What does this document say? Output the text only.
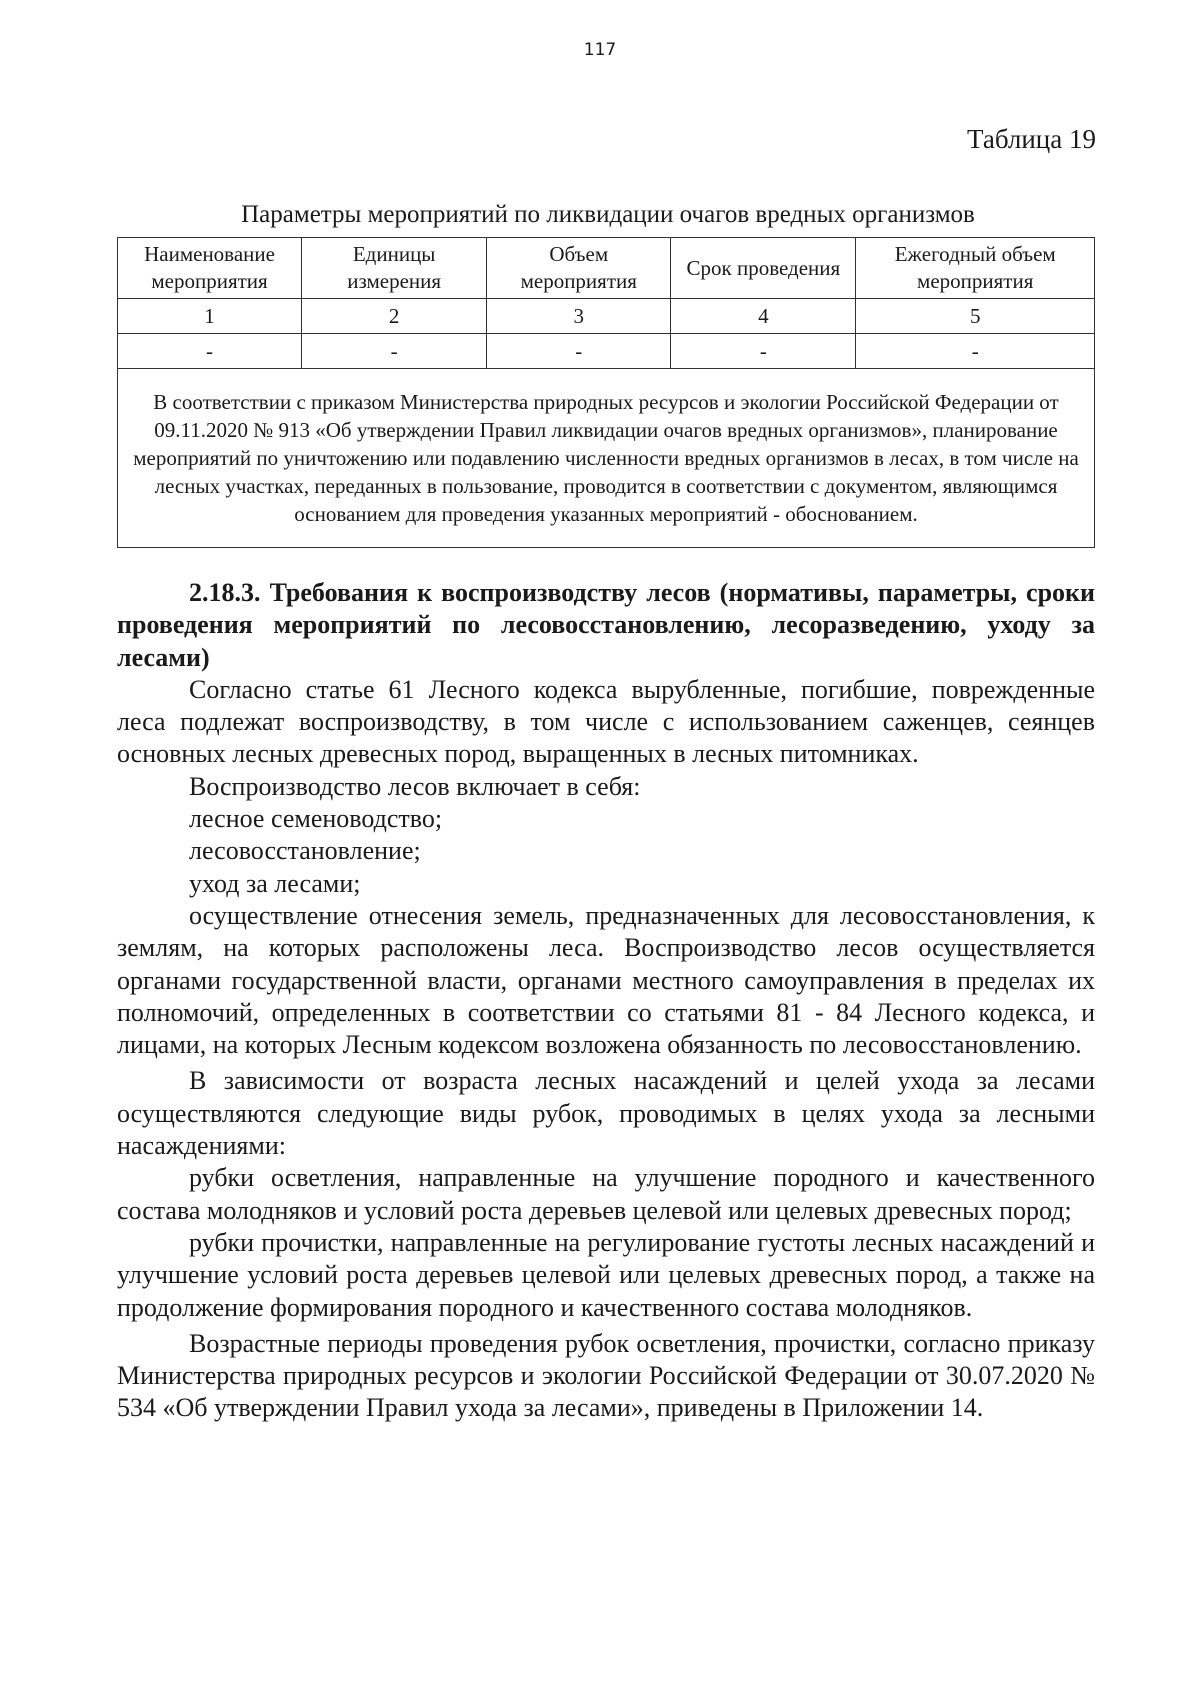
117
Таблица 19
Параметры мероприятий по ликвидации очагов вредных организмов
Наименование мероприятия	Единицы измерения	Объем мероприятия	Срок проведения	Ежегодный объем мероприятия
1	2	3	4	5
-	-	-	-	-
В соответствии с приказом Министерства природных ресурсов и экологии Российской Федерации от 09.11.2020 № 913 «Об утверждении Правил ликвидации очагов вредных организмов», планирование мероприятий по уничтожению или подавлению численности вредных организмов в лесах, в том числе на лесных участках, переданных в пользование, проводится в соответствии с документом, являющимся основанием для проведения указанных мероприятий - обоснованием.				

2.18.3. Требования к воспроизводству лесов (нормативы, параметры, сроки проведения мероприятий по лесовосстановлению, лесоразведению, уходу за лесами)

Согласно статье 61 Лесного кодекса вырубленные, погибшие, поврежденные леса подлежат воспроизводству, в том числе с использованием саженцев, сеянцев основных лесных древесных пород, выращенных в лесных питомниках.

Воспроизводство лесов включает в себя:

лесное семеноводство;

лесовосстановление;

уход за лесами;

осуществление отнесения земель, предназначенных для лесовосстановления, к землям, на которых расположены леса. Воспроизводство лесов осуществляется органами государственной власти, органами местного самоуправления в пределах их полномочий, определенных в соответствии со статьями 81 - 84 Лесного кодекса, и лицами, на которых Лесным кодексом возложена обязанность по лесовосстановлению.

В зависимости от возраста лесных насаждений и целей ухода за лесами осуществляются следующие виды рубок, проводимых в целях ухода за лесными насаждениями:

рубки осветления, направленные на улучшение породного и качественного состава молодняков и условий роста деревьев целевой или целевых древесных пород;

рубки прочистки, направленные на регулирование густоты лесных насаждений и улучшение условий роста деревьев целевой или целевых древесных пород, а также на продолжение формирования породного и качественного состава молодняков.

Возрастные периоды проведения рубок осветления, прочистки, согласно приказу Министерства природных ресурсов и экологии Российской Федерации от 30.07.2020 № 534 «Об утверждении Правил ухода за лесами», приведены в Приложении 14.
